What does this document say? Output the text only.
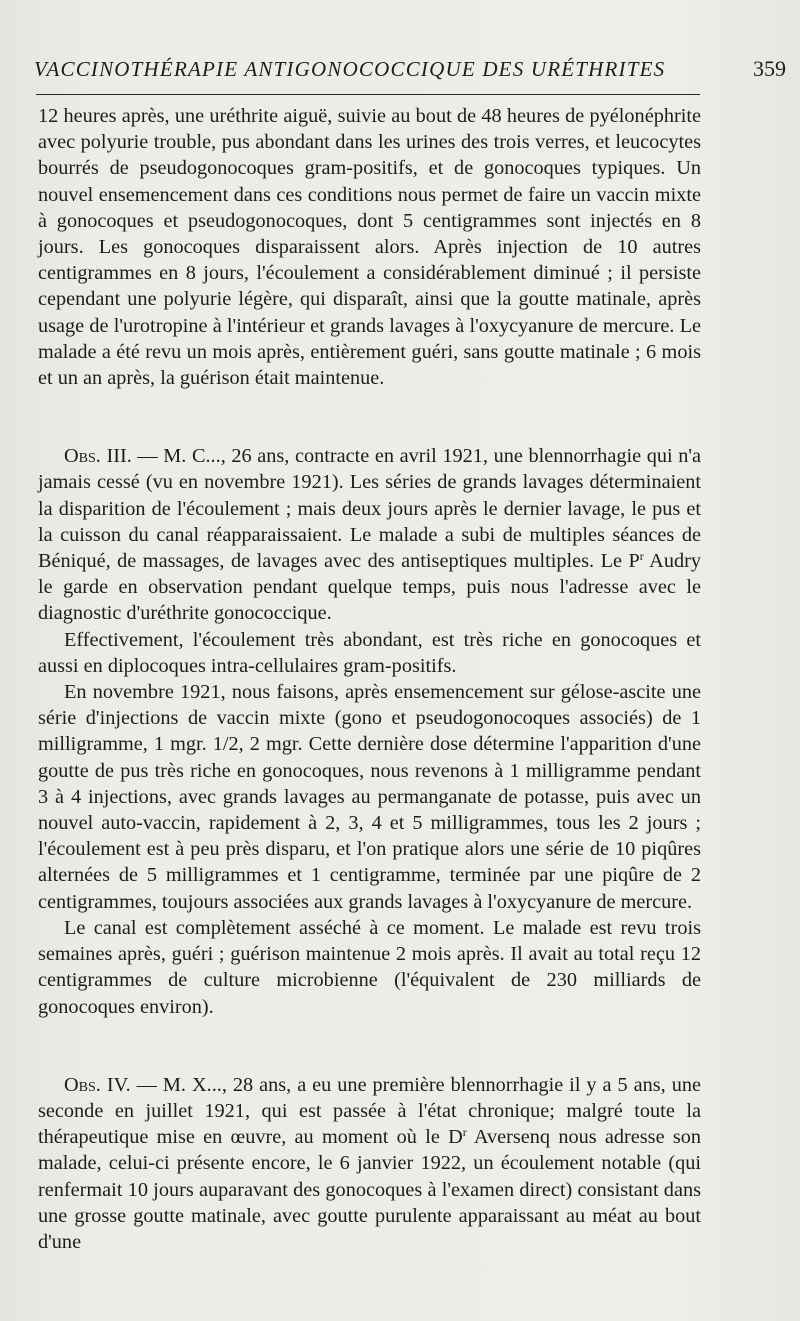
VACCINOTHÉRAPIE ANTIGONOCOCCIQUE DES URÉTHRITES	359

12 heures après, une uréthrite aiguë, suivie au bout de 48 heures de pyélonéphrite avec polyurie trouble, pus abondant dans les urines des trois verres, et leucocytes bourrés de pseudogonocoques gram-positifs, et de gonocoques typiques. Un nouvel ensemencement dans ces conditions nous permet de faire un vaccin mixte à gonocoques et pseudogonocoques, dont 5 centigrammes sont injectés en 8 jours. Les gonocoques disparaissent alors. Après injection de 10 autres centigrammes en 8 jours, l'écoulement a considérablement diminué ; il persiste cependant une polyurie légère, qui disparaît, ainsi que la goutte matinale, après usage de l'urotropine à l'intérieur et grands lavages à l'oxycyanure de mercure. Le malade a été revu un mois après, entièrement guéri, sans goutte matinale ; 6 mois et un an après, la guérison était maintenue.

Obs. III. — M. C..., 26 ans, contracte en avril 1921, une blennorrhagie qui n'a jamais cessé (vu en novembre 1921). Les séries de grands lavages déterminaient la disparition de l'écoulement ; mais deux jours après le dernier lavage, le pus et la cuisson du canal réapparaissaient. Le malade a subi de multiples séances de Béniqué, de massages, de lavages avec des antiseptiques multiples. Le $P^r$ Audry le garde en observation pendant quelque temps, puis nous l'adresse avec le diagnostic d'uréthrite gonococcique.

Effectivement, l'écoulement très abondant, est très riche en gonocoques et aussi en diplocoques intra-cellulaires gram-positifs.

En novembre 1921, nous faisons, après ensemencement sur gélose-ascite une série d'injections de vaccin mixte (gono et pseudogonocoques associés) de 1 milligramme, 1 mgr. 1/2, 2 mgr. Cette dernière dose détermine l'apparition d'une goutte de pus très riche en gonocoques, nous revenons à 1 milligramme pendant 3 à 4 injections, avec grands lavages au permanganate de potasse, puis avec un nouvel auto-vaccin, rapidement à 2, 3, 4 et 5 milligrammes, tous les 2 jours ; l'écoulement est à peu près disparu, et l'on pratique alors une série de 10 piqûres alternées de 5 milligrammes et 1 centigramme, terminée par une piqûre de 2 centigrammes, toujours associées aux grands lavages à l'oxycyanure de mercure.

Le canal est complètement asséché à ce moment. Le malade est revu trois semaines après, guéri ; guérison maintenue 2 mois après. Il avait au total reçu 12 centigrammes de culture microbienne (l'équivalent de 230 milliards de gonocoques environ).

Obs. IV. — M. X..., 28 ans, a eu une première blennorrhagie il y a 5 ans, une seconde en juillet 1921, qui est passée à l'état chronique; malgré toute la thérapeutique mise en œuvre, au moment où le $D^r$ Aversenq nous adresse son malade, celui-ci présente encore, le 6 janvier 1922, un écoulement notable (qui renfermait 10 jours auparavant des gonocoques à l'examen direct) consistant dans une grosse goutte matinale, avec goutte purulente apparaissant au méat au bout d'une
